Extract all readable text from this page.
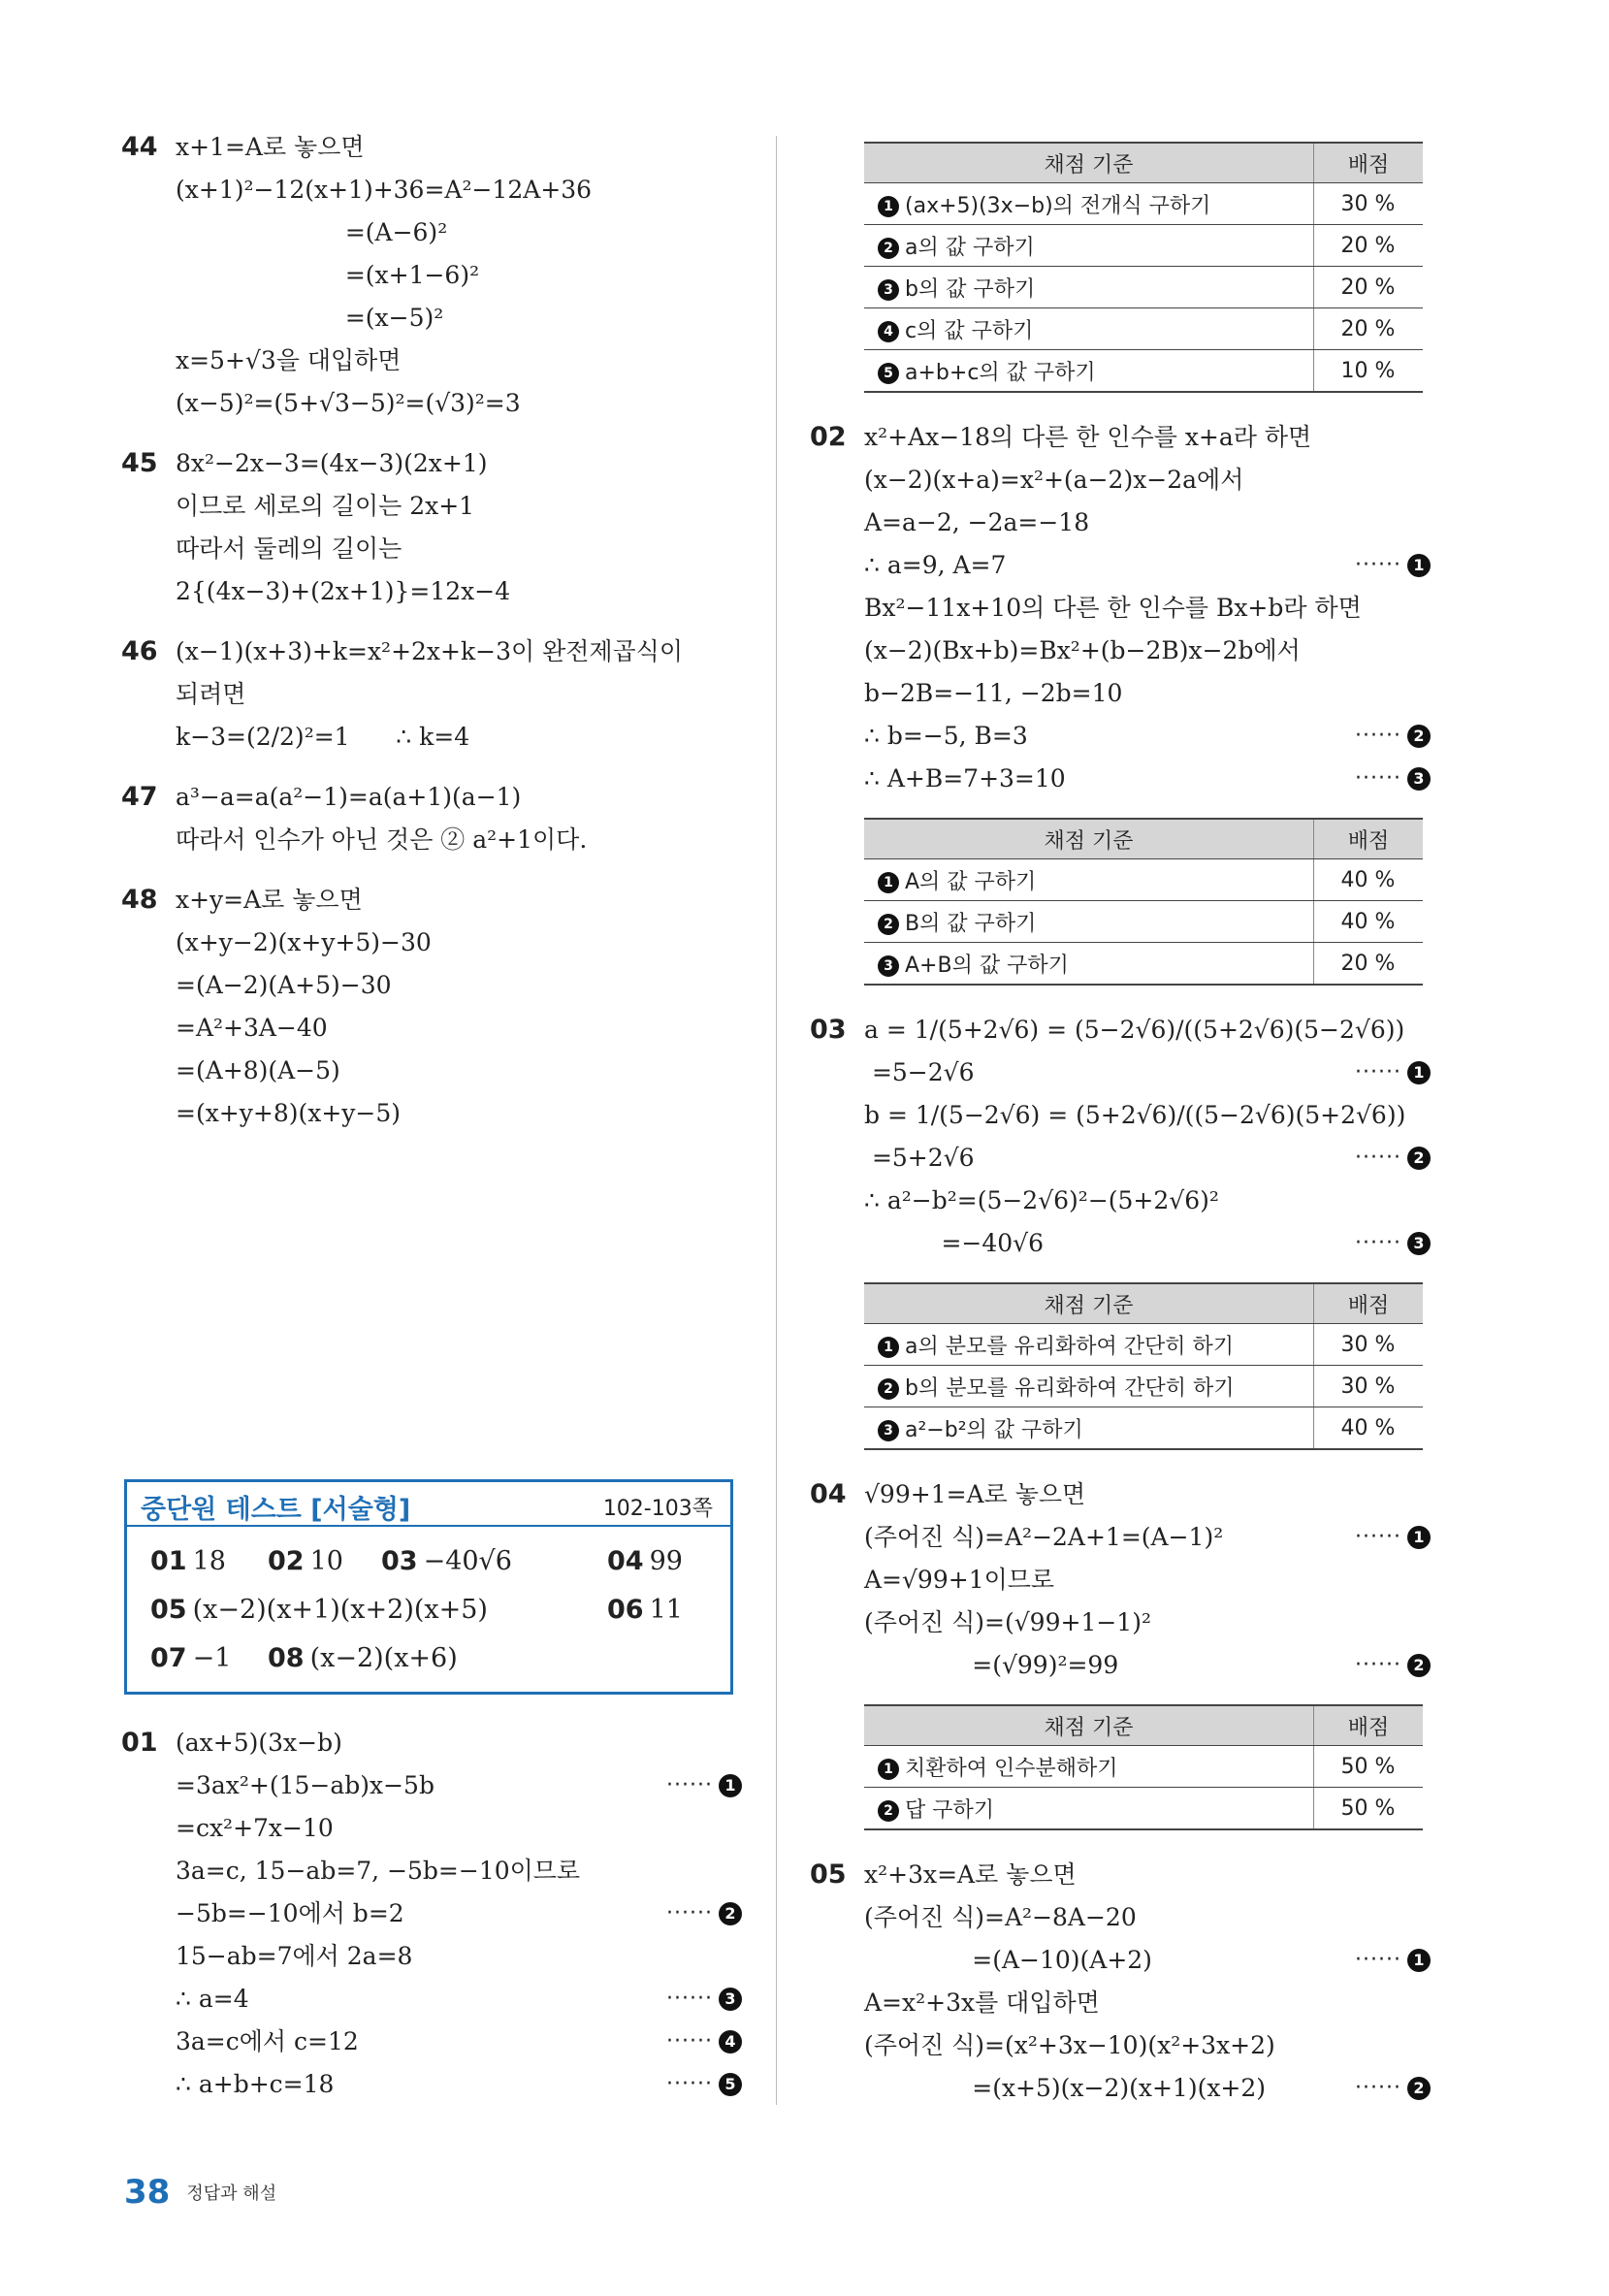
44 x+1=A로 놓으면
(x+1)²−12(x+1)+36=A²−12A+36
=(A−6)²
=(x+1−6)²
=(x−5)²
x=5+√3을 대입하면
(x−5)²=(5+√3−5)²=(√3)²=3
45 8x²−2x−3=(4x−3)(2x+1)
이므로 세로의 길이는 2x+1
따라서 둘레의 길이는
2{(4x−3)+(2x+1)}=12x−4
46 (x−1)(x+3)+k=x²+2x+k−3이 완전제곱식이
되려면
k−3=(2/2)²=1      ∴ k=4
47 a³−a=a(a²−1)=a(a+1)(a−1)
따라서 인수가 아닌 것은 ② a²+1이다.
48 x+y=A로 놓으면
(x+y−2)(x+y+5)−30
=(A−2)(A+5)−30
=A²+3A−40
=(A+8)(A−5)
=(x+y+8)(x+y−5)
중단원 테스트 [서술형]	102-103쪽
01 18 02 10 03 −40√6	04 99
05 (x−2)(x+1)(x+2)(x+5)	06 11
07 −1 08 (x−2)(x+6)
01 (ax+5)(3x−b)
=3ax²+(15−ab)x−5b	······ 1
=cx²+7x−10
3a=c, 15−ab=7, −5b=−10이므로
−5b=−10에서 b=2	······ 2
15−ab=7에서 2a=8
∴ a=4	······ 3
3a=c에서 c=12	······ 4
∴ a+b+c=18	······ 5
채점 기준	배점
1 (ax+5)(3x−b)의 전개식 구하기	30 %
2 a의 값 구하기	20 %
3 b의 값 구하기	20 %
4 c의 값 구하기	20 %
5 a+b+c의 값 구하기	10 %
02 x²+Ax−18의 다른 한 인수를 x+a라 하면
(x−2)(x+a)=x²+(a−2)x−2a에서
A=a−2, −2a=−18
∴ a=9, A=7	······ 1
Bx²−11x+10의 다른 한 인수를 Bx+b라 하면
(x−2)(Bx+b)=Bx²+(b−2B)x−2b에서
b−2B=−11, −2b=10
∴ b=−5, B=3	······ 2
∴ A+B=7+3=10	······ 3
채점 기준	배점
1 A의 값 구하기	40 %
2 B의 값 구하기	40 %
3 A+B의 값 구하기	20 %
03 a = 1/(5+2√6) = (5−2√6)/((5+2√6)(5−2√6))
=5−2√6	······ 1
b = 1/(5−2√6) = (5+2√6)/((5−2√6)(5+2√6))
=5+2√6	······ 2
∴ a²−b²=(5−2√6)²−(5+2√6)²
=−40√6	······ 3
채점 기준	배점
1 a의 분모를 유리화하여 간단히 하기	30 %
2 b의 분모를 유리화하여 간단히 하기	30 %
3 a²−b²의 값 구하기	40 %
04 √99+1=A로 놓으면
(주어진 식)=A²−2A+1=(A−1)²	······ 1
A=√99+1이므로
(주어진 식)=(√99+1−1)²
=(√99)²=99	······ 2
채점 기준	배점
1 치환하여 인수분해하기	50 %
2 답 구하기	50 %
05 x²+3x=A로 놓으면
(주어진 식)=A²−8A−20
=(A−10)(A+2)	······ 1
A=x²+3x를 대입하면
(주어진 식)=(x²+3x−10)(x²+3x+2)
=(x+5)(x−2)(x+1)(x+2)	······ 2
38 정답과 해설
